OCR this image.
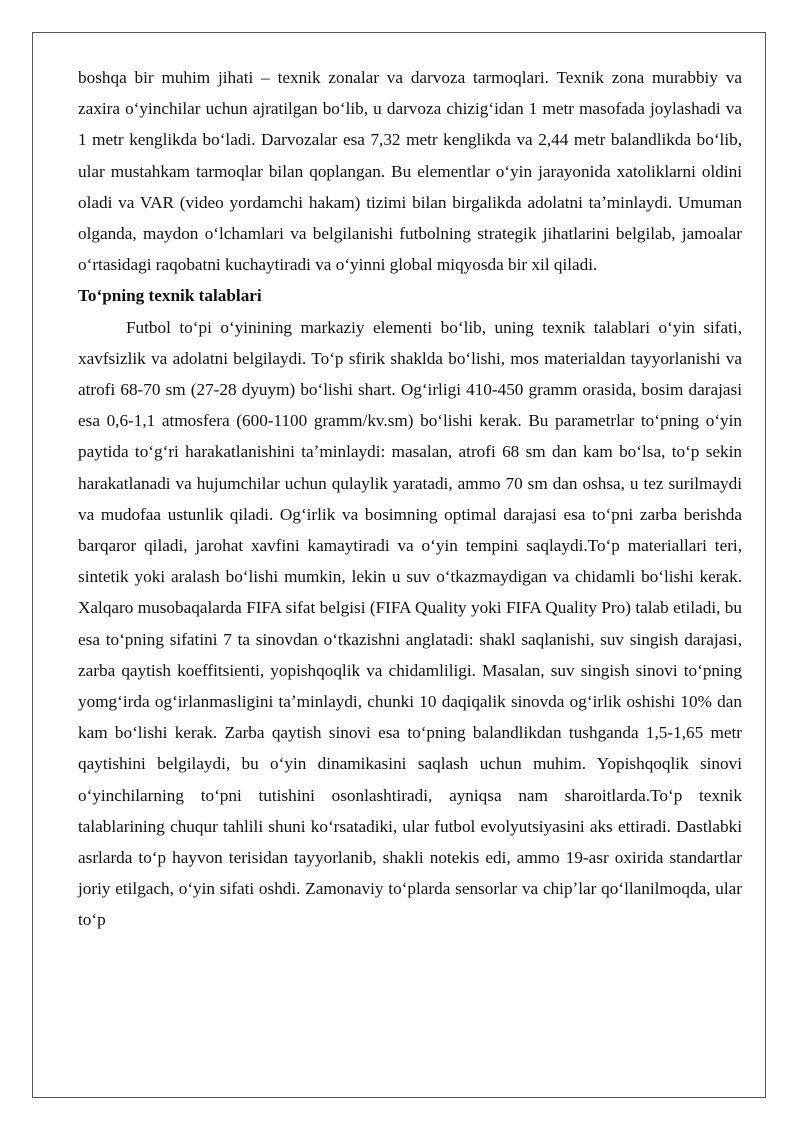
boshqa bir muhim jihati – texnik zonalar va darvoza tarmoqlari. Texnik zona murabbiy va zaxira oʻyinchilar uchun ajratilgan boʻlib, u darvoza chizigʻidan 1 metr masofada joylashadi va 1 metr kenglikda boʻladi. Darvozalar esa 7,32 metr kenglikda va 2,44 metr balandlikda boʻlib, ular mustahkam tarmoqlar bilan qoplangan. Bu elementlar oʻyin jarayonida xatoliklarni oldini oladi va VAR (video yordamchi hakam) tizimi bilan birgalikda adolatni taʼminlaydi. Umuman olganda, maydon oʻlchamlari va belgilanishi futbolning strategik jihatlarini belgilab, jamoalar oʻrtasidagi raqobatni kuchaytiradi va oʻyinni global miqyosda bir xil qiladi.

Toʻpning texnik talablari

Futbol toʻpi oʻyinining markaziy elementi boʻlib, uning texnik talablari oʻyin sifati, xavfsizlik va adolatni belgilaydi. Toʻp sfirik shaklda boʻlishi, mos materialdan tayyorlanishi va atrofi 68-70 sm (27-28 dyuym) boʻlishi shart. Ogʻirligi 410-450 gramm orasida, bosim darajasi esa 0,6-1,1 atmosfera (600-1100 gramm/kv.sm) boʻlishi kerak. Bu parametrlar toʻpning oʻyin paytida toʻgʻri harakatlanishini taʼminlaydi: masalan, atrofi 68 sm dan kam boʻlsa, toʻp sekin harakatlanadi va hujumchilar uchun qulaylik yaratadi, ammo 70 sm dan oshsa, u tez surilmaydi va mudofaa ustunlik qiladi. Ogʻirlik va bosimning optimal darajasi esa toʻpni zarba berishda barqaror qiladi, jarohat xavfini kamaytiradi va oʻyin tempini saqlaydi.Toʻp materiallari teri, sintetik yoki aralash boʻlishi mumkin, lekin u suv oʻtkazmaydigan va chidamli boʻlishi kerak. Xalqaro musobaqalarda FIFA sifat belgisi (FIFA Quality yoki FIFA Quality Pro) talab etiladi, bu esa toʻpning sifatini 7 ta sinovdan oʻtkazishni anglatadi: shakl saqlanishi, suv singish darajasi, zarba qaytish koeffitsienti, yopishqoqlik va chidamliligi. Masalan, suv singish sinovi toʻpning yomgʻirda ogʻirlanmasligini taʼminlaydi, chunki 10 daqiqalik sinovda ogʻirlik oshishi 10% dan kam boʻlishi kerak. Zarba qaytish sinovi esa toʻpning balandlikdan tushganda 1,5-1,65 metr qaytishini belgilaydi, bu oʻyin dinamikasini saqlash uchun muhim. Yopishqoqlik sinovi oʻyinchilarning toʻpni tutishini osonlashtiradi, ayniqsa nam sharoitlarda.Toʻp texnik talablarining chuqur tahlili shuni koʻrsatadiki, ular futbol evolyutsiyasini aks ettiradi. Dastlabki asrlarda toʻp hayvon terisidan tayyorlanib, shakli notekis edi, ammo 19-asr oxirida standartlar joriy etilgach, oʻyin sifati oshdi. Zamonaviy toʻplarda sensorlar va chipʼlar qoʻllanilmoqda, ular toʻp
